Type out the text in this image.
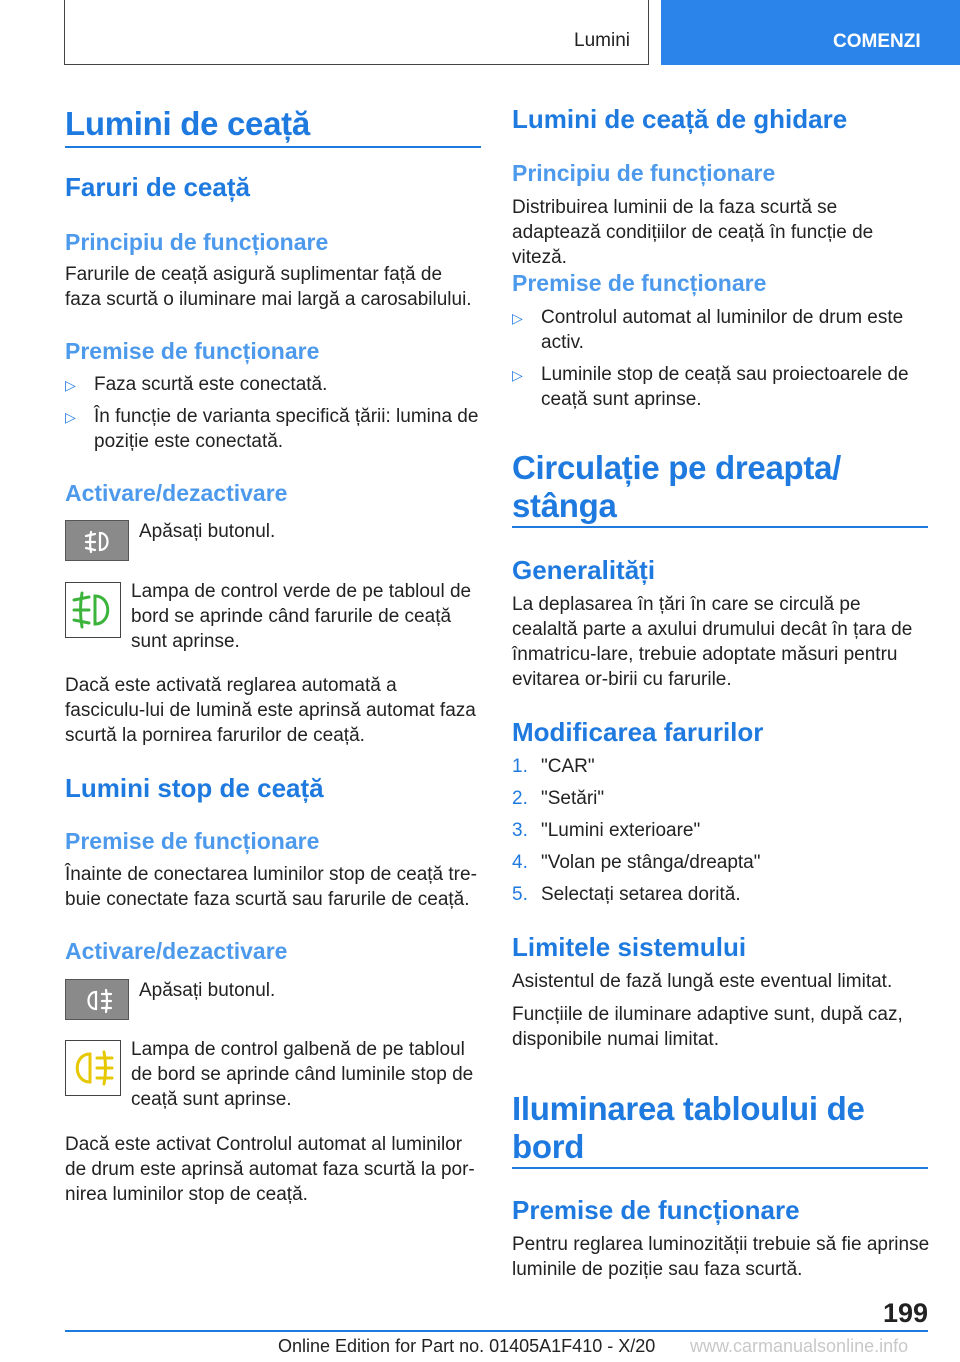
Lumini	COMENZI
Lumini de ceață
Faruri de ceață
Principiu de funcționare
Farurile de ceață asigură suplimentar față de faza scurtă o iluminare mai largă a carosabilului.
Premise de funcționare
▷ Faza scurtă este conectată.
▷ În funcție de varianta specifică țării: lumina de poziție este conectată.
Activare/dezactivare
Apăsați butonul.
Lampa de control verde de pe tabloul de bord se aprinde când farurile de ceață sunt aprinse.
Dacă este activată reglarea automată a fasciculu-lui de lumină este aprinsă automat faza scurtă la pornirea farurilor de ceață.
Lumini stop de ceață
Premise de funcționare
Înainte de conectarea luminilor stop de ceață tre-buie conectate faza scurtă sau farurile de ceață.
Activare/dezactivare
Apăsați butonul.
Lampa de control galbenă de pe tabloul de bord se aprinde când luminile stop de ceață sunt aprinse.
Dacă este activat Controlul automat al luminilor de drum este aprinsă automat faza scurtă la por-nirea luminilor stop de ceață.
Lumini de ceață de ghidare
Principiu de funcționare
Distribuirea luminii de la faza scurtă se adaptează condițiilor de ceață în funcție de viteză.
Premise de funcționare
▷ Controlul automat al luminilor de drum este activ.
▷ Luminile stop de ceață sau proiectoarele de ceață sunt aprinse.
Circulație pe dreapta/ stânga
Generalități
La deplasarea în țări în care se circulă pe cealaltă parte a axului drumului decât în țara de înmatricu-lare, trebuie adoptate măsuri pentru evitarea or-birii cu farurile.
Modificarea farurilor
1. "CAR"
2. "Setări"
3. "Lumini exterioare"
4. "Volan pe stânga/dreapta"
5. Selectați setarea dorită.
Limitele sistemului
Asistentul de fază lungă este eventual limitat.
Funcțiile de iluminare adaptive sunt, după caz, disponibile numai limitat.
Iluminarea tabloului de bord
Premise de funcționare
Pentru reglarea luminozității trebuie să fie aprinse luminile de poziție sau faza scurtă.
199
Online Edition for Part no. 01405A1F410 - X/20 www.carmanualsonline.info
